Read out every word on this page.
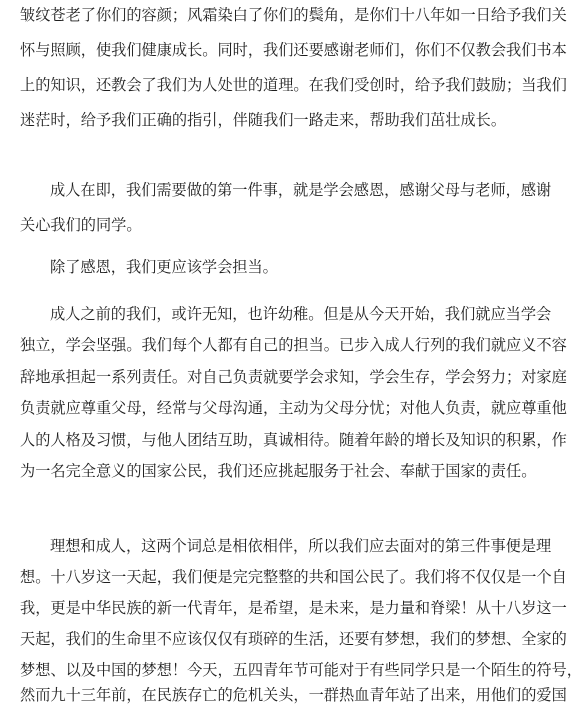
皱纹苍老了你们的容颜；风霜染白了你们的鬓角，是你们十八年如一日给予我们关
怀与照顾，使我们健康成长。同时，我们还要感谢老师们，你们不仅教会我们书本
上的知识，还教会了我们为人处世的道理。在我们受创时，给予我们鼓励；当我们
迷茫时，给予我们正确的指引，伴随我们一路走来，帮助我们茁壮成长。
成人在即，我们需要做的第一件事，就是学会感恩，感谢父母与老师，感谢
关心我们的同学。
除了感恩，我们更应该学会担当。
成人之前的我们，或许无知，也许幼稚。但是从今天开始，我们就应当学会
独立，学会坚强。我们每个人都有自己的担当。已步入成人行列的我们就应义不容
辞地承担起一系列责任。对自己负责就要学会求知，学会生存，学会努力；对家庭
负责就应尊重父母，经常与父母沟通，主动为父母分忧；对他人负责，就应尊重他
人的人格及习惯，与他人团结互助，真诚相待。随着年龄的增长及知识的积累，作
为一名完全意义的国家公民，我们还应挑起服务于社会、奉献于国家的责任。
理想和成人，这两个词总是相依相伴，所以我们应去面对的第三件事便是理
想。十八岁这一天起，我们便是完完整整的共和国公民了。我们将不仅仅是一个自
我，更是中华民族的新一代青年，是希望，是未来，是力量和脊梁！从十八岁这一
天起，我们的生命里不应该仅仅有琐碎的生活，还要有梦想，我们的梦想、全家的
梦想、以及中国的梦想！今天，五四青年节可能对于有些同学只是一个陌生的符号，
然而九十三年前，在民族存亡的危机关头，一群热血青年站了出来，用他们的爱国
